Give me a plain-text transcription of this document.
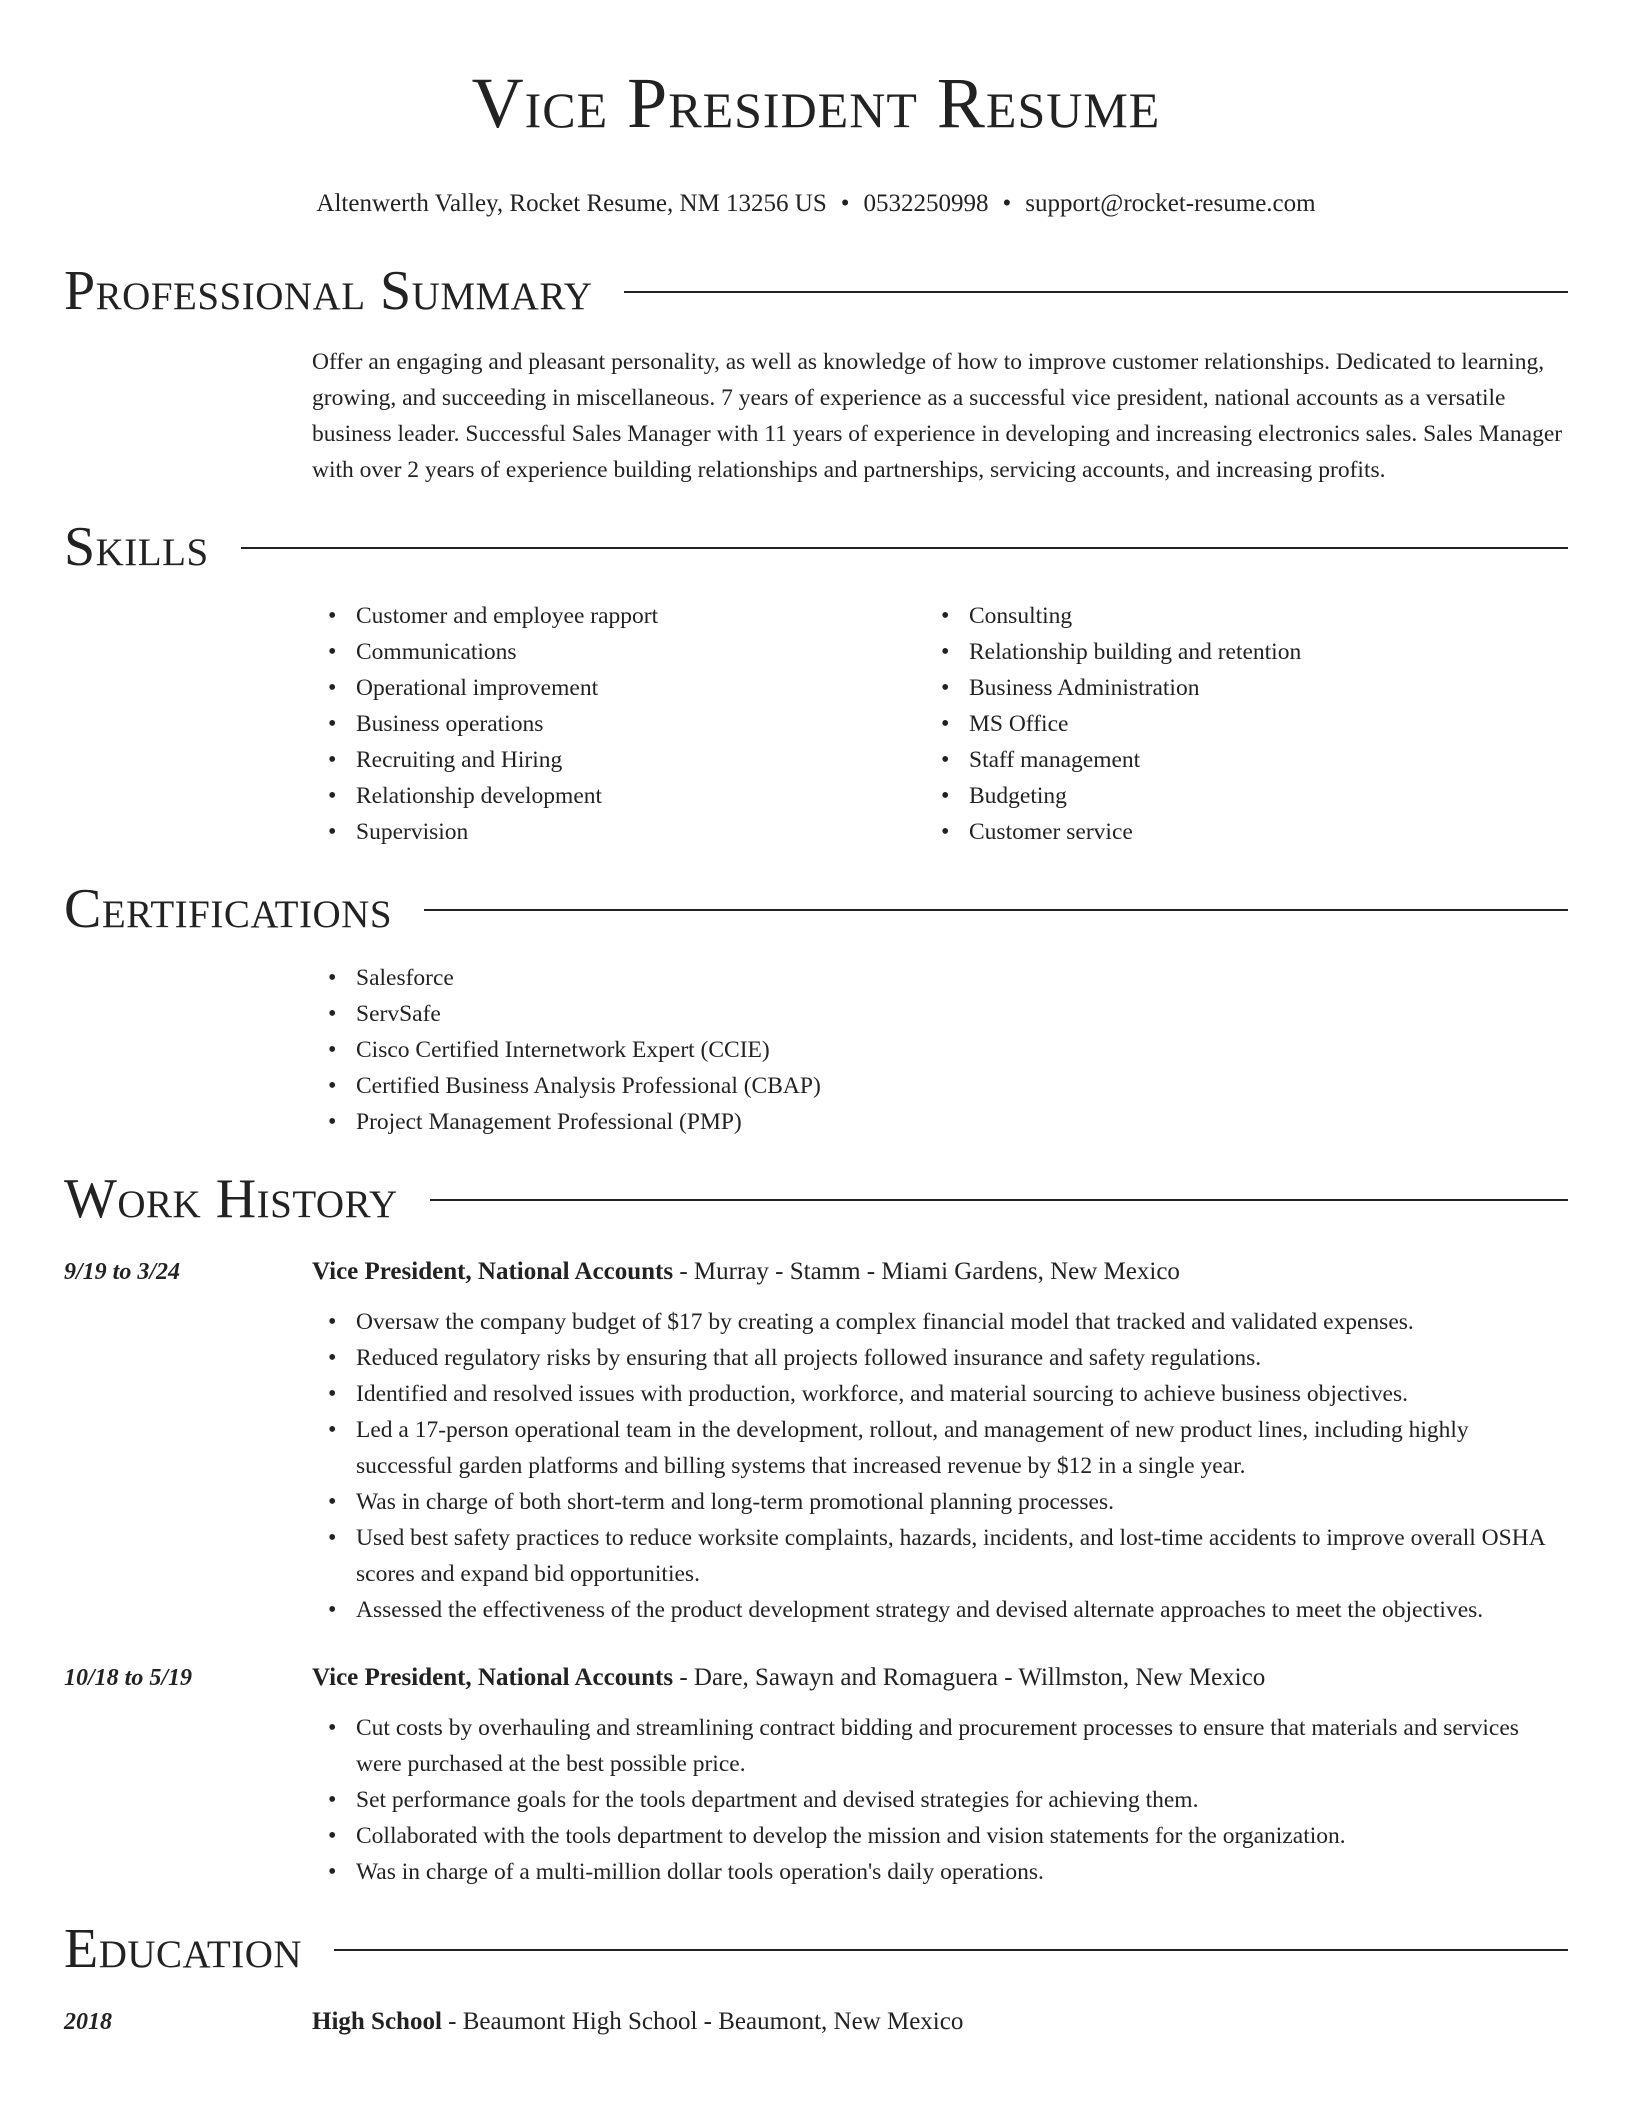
Vice President Resume
Altenwerth Valley, Rocket Resume, NM 13256 US • 0532250998 • support@rocket-resume.com
Professional Summary
Offer an engaging and pleasant personality, as well as knowledge of how to improve customer relationships. Dedicated to learning, growing, and succeeding in miscellaneous. 7 years of experience as a successful vice president, national accounts as a versatile business leader. Successful Sales Manager with 11 years of experience in developing and increasing electronics sales. Sales Manager with over 2 years of experience building relationships and partnerships, servicing accounts, and increasing profits.
Skills
• Customer and employee rapport
• Communications
• Operational improvement
• Business operations
• Recruiting and Hiring
• Relationship development
• Supervision
• Consulting
• Relationship building and retention
• Business Administration
• MS Office
• Staff management
• Budgeting
• Customer service
Certifications
• Salesforce
• ServSafe
• Cisco Certified Internetwork Expert (CCIE)
• Certified Business Analysis Professional (CBAP)
• Project Management Professional (PMP)
Work History
9/19 to 3/24	Vice President, National Accounts - Murray - Stamm - Miami Gardens, New Mexico
• Oversaw the company budget of $17 by creating a complex financial model that tracked and validated expenses.
• Reduced regulatory risks by ensuring that all projects followed insurance and safety regulations.
• Identified and resolved issues with production, workforce, and material sourcing to achieve business objectives.
• Led a 17-person operational team in the development, rollout, and management of new product lines, including highly successful garden platforms and billing systems that increased revenue by $12 in a single year.
• Was in charge of both short-term and long-term promotional planning processes.
• Used best safety practices to reduce worksite complaints, hazards, incidents, and lost-time accidents to improve overall OSHA scores and expand bid opportunities.
• Assessed the effectiveness of the product development strategy and devised alternate approaches to meet the objectives.
10/18 to 5/19	Vice President, National Accounts - Dare, Sawayn and Romaguera - Willmston, New Mexico
• Cut costs by overhauling and streamlining contract bidding and procurement processes to ensure that materials and services were purchased at the best possible price.
• Set performance goals for the tools department and devised strategies for achieving them.
• Collaborated with the tools department to develop the mission and vision statements for the organization.
• Was in charge of a multi-million dollar tools operation's daily operations.
Education
2018	High School - Beaumont High School - Beaumont, New Mexico
